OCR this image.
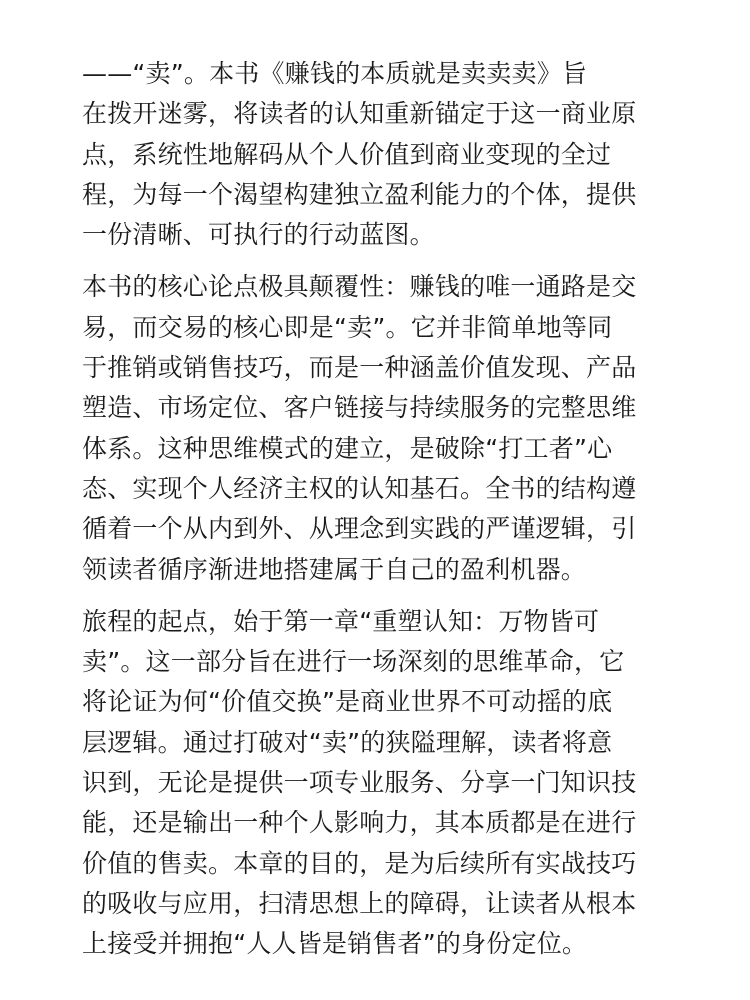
——“卖”。本书《赚钱的本质就是卖卖卖》旨
在拨开迷雾，将读者的认知重新锚定于这一商业原
点，系统性地解码从个人价值到商业变现的全过
程，为每一个渴望构建独立盈利能力的个体，提供
一份清晰、可执行的行动蓝图。
本书的核心论点极具颠覆性：赚钱的唯一通路是交
易，而交易的核心即是“卖”。它并非简单地等同
于推销或销售技巧，而是一种涵盖价值发现、产品
塑造、市场定位、客户链接与持续服务的完整思维
体系。这种思维模式的建立，是破除“打工者”心
态、实现个人经济主权的认知基石。全书的结构遵
循着一个从内到外、从理念到实践的严谨逻辑，引
领读者循序渐进地搭建属于自己的盈利机器。
旅程的起点，始于第一章“重塑认知：万物皆可
卖”。这一部分旨在进行一场深刻的思维革命，它
将论证为何“价值交换”是商业世界不可动摇的底
层逻辑。通过打破对“卖”的狭隘理解，读者将意
识到，无论是提供一项专业服务、分享一门知识技
能，还是输出一种个人影响力，其本质都是在进行
价值的售卖。本章的目的，是为后续所有实战技巧
的吸收与应用，扫清思想上的障碍，让读者从根本
上接受并拥抱“人人皆是销售者”的身份定位。
